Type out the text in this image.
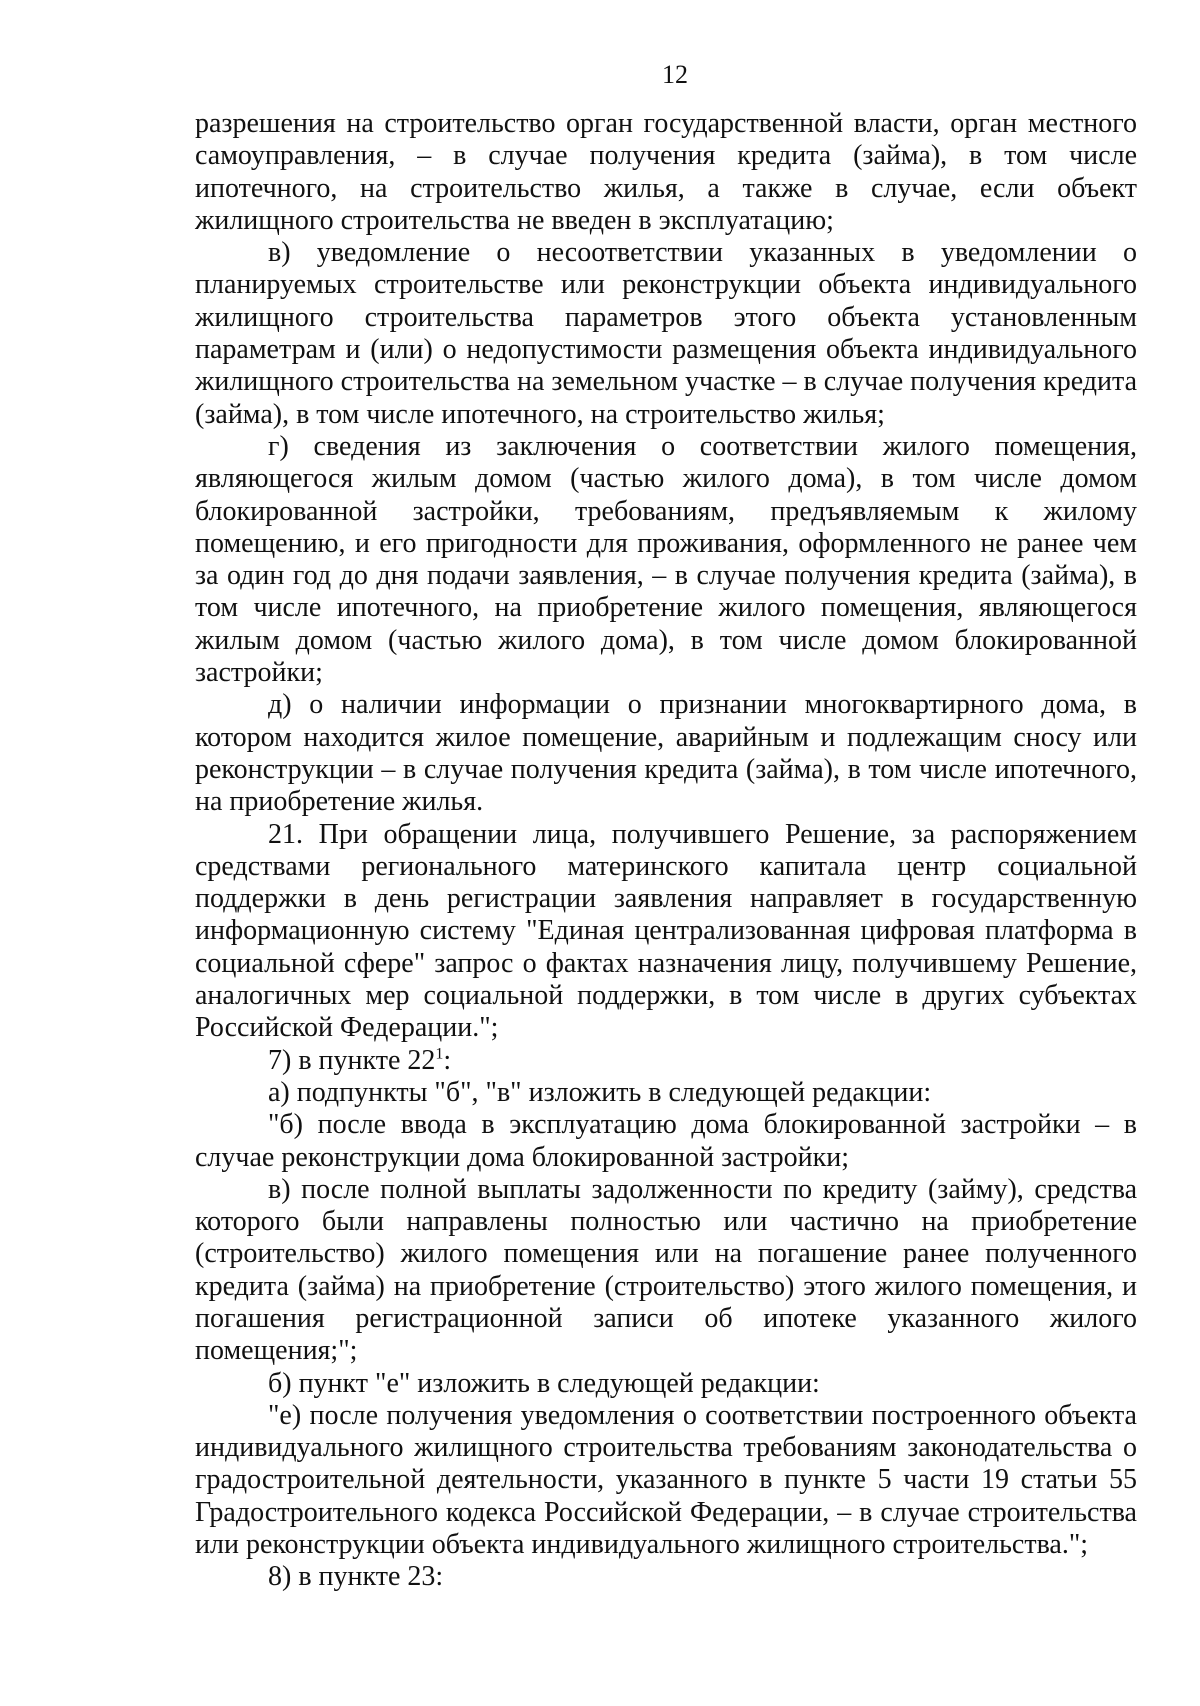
12

разрешения на строительство орган государственной власти, орган местного самоуправления, – в случае получения кредита (займа), в том числе ипотечного, на строительство жилья, а также в случае, если объект жилищного строительства не введен в эксплуатацию;

в) уведомление о несоответствии указанных в уведомлении о планируемых строительстве или реконструкции объекта индивидуального жилищного строительства параметров этого объекта установленным параметрам и (или) о недопустимости размещения объекта индивидуального жилищного строительства на земельном участке – в случае получения кредита (займа), в том числе ипотечного, на строительство жилья;

г) сведения из заключения о соответствии жилого помещения, являющегося жилым домом (частью жилого дома), в том числе домом блокированной застройки, требованиям, предъявляемым к жилому помещению, и его пригодности для проживания, оформленного не ранее чем за один год до дня подачи заявления, – в случае получения кредита (займа), в том числе ипотечного, на приобретение жилого помещения, являющегося жилым домом (частью жилого дома), в том числе домом блокированной застройки;

д) о наличии информации о признании многоквартирного дома, в котором находится жилое помещение, аварийным и подлежащим сносу или реконструкции – в случае получения кредита (займа), в том числе ипотечного, на приобретение жилья.

21. При обращении лица, получившего Решение, за распоряжением средствами регионального материнского капитала центр социальной поддержки в день регистрации заявления направляет в государственную информационную систему "Единая централизованная цифровая платформа в социальной сфере" запрос о фактах назначения лицу, получившему Решение, аналогичных мер социальной поддержки, в том числе в других субъектах Российской Федерации.";

7) в пункте $22^1$:

а) подпункты "б", "в" изложить в следующей редакции:

"б) после ввода в эксплуатацию дома блокированной застройки – в случае реконструкции дома блокированной застройки;

в) после полной выплаты задолженности по кредиту (займу), средства которого были направлены полностью или частично на приобретение (строительство) жилого помещения или на погашение ранее полученного кредита (займа) на приобретение (строительство) этого жилого помещения, и погашения регистрационной записи об ипотеке указанного жилого помещения;";

б) пункт "е" изложить в следующей редакции:

"е) после получения уведомления о соответствии построенного объекта индивидуального жилищного строительства требованиям законодательства о градостроительной деятельности, указанного в пункте 5 части 19 статьи 55 Градостроительного кодекса Российской Федерации, – в случае строительства или реконструкции объекта индивидуального жилищного строительства.";

8) в пункте 23:
